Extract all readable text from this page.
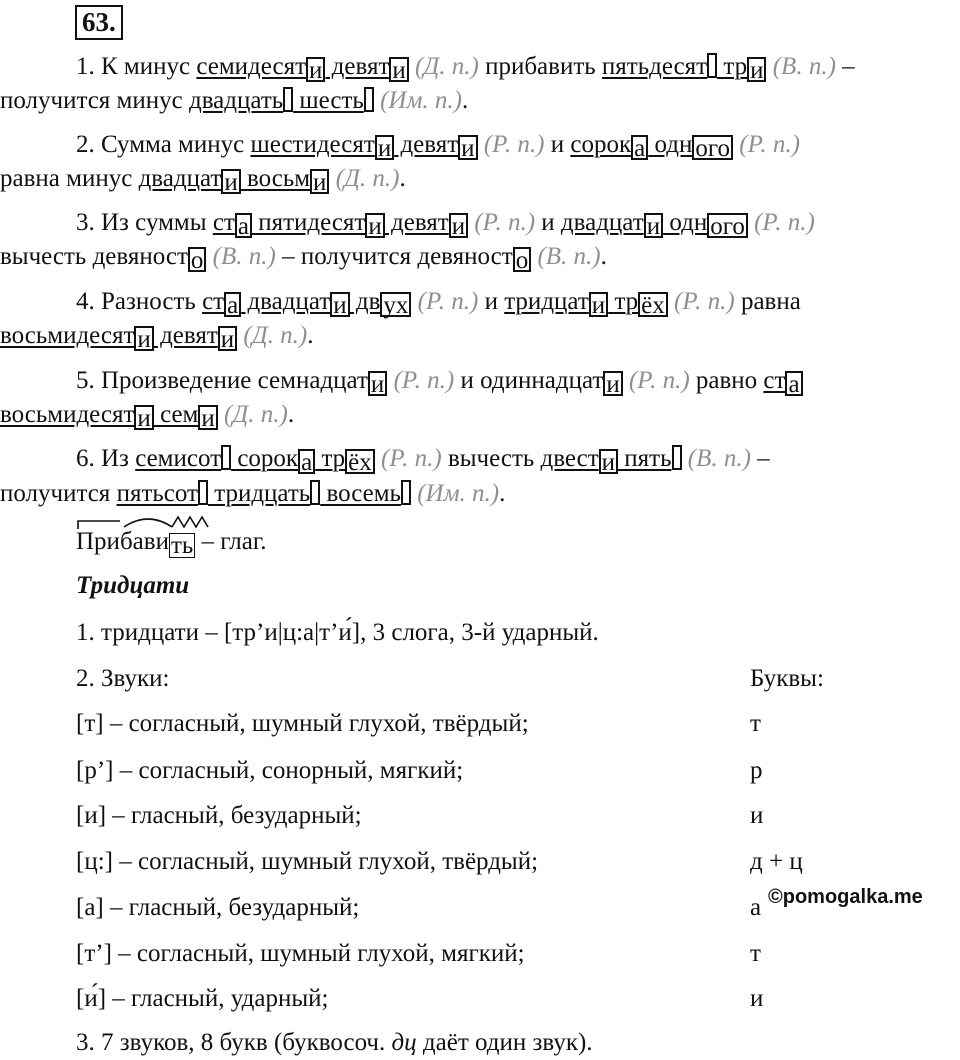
63.
1. К минус семидесят и девят и (Д. п.) прибавить пятьдесят тр и (В. п.) –
получится минус двадцать шесть (Им. п.).
2. Сумма минус шестидесят и девят и (Р. п.) и сорок а одн ого (Р. п.)
равна минус двадцат и восьм и (Д. п.).
3. Из суммы ст а пятидесят и девят и (Р. п.) и двадцат и одн ого (Р. п.)
вычесть девяност о (В. п.) – получится девяност о (В. п.).
4. Разность ст а двадцат и дв ух (Р. п.) и тридцат и тр ёх (Р. п.) равна
восьмидесят и девят и (Д. п.).
5. Произведение семнадцат и (Р. п.) и одиннадцат и (Р. п.) равно ст а
восьмидесят и сем и (Д. п.).
6. Из семисот сорок а тр ёх (Р. п.) вычесть двест и пять (В. п.) –
получится пятьсот тридцать восемь (Им. п.).
Прибавить – глаг.
Тридцати
1. тридцати – [тр’и|ц:а|т’и́], 3 слога, 3-й ударный.
2. Звуки:	Буквы:
[т] – согласный, шумный глухой, твёрдый;	т
[р’] – согласный, сонорный, мягкий;	р
[и] – гласный, безударный;	и
[ц:] – согласный, шумный глухой, твёрдый;	д + ц
[а] – гласный, безударный;	а
[т’] – согласный, шумный глухой, мягкий;	т
[и́] – гласный, ударный;	и
3. 7 звуков, 8 букв (буквосоч. дц даёт один звук).
©pomogalka.me
